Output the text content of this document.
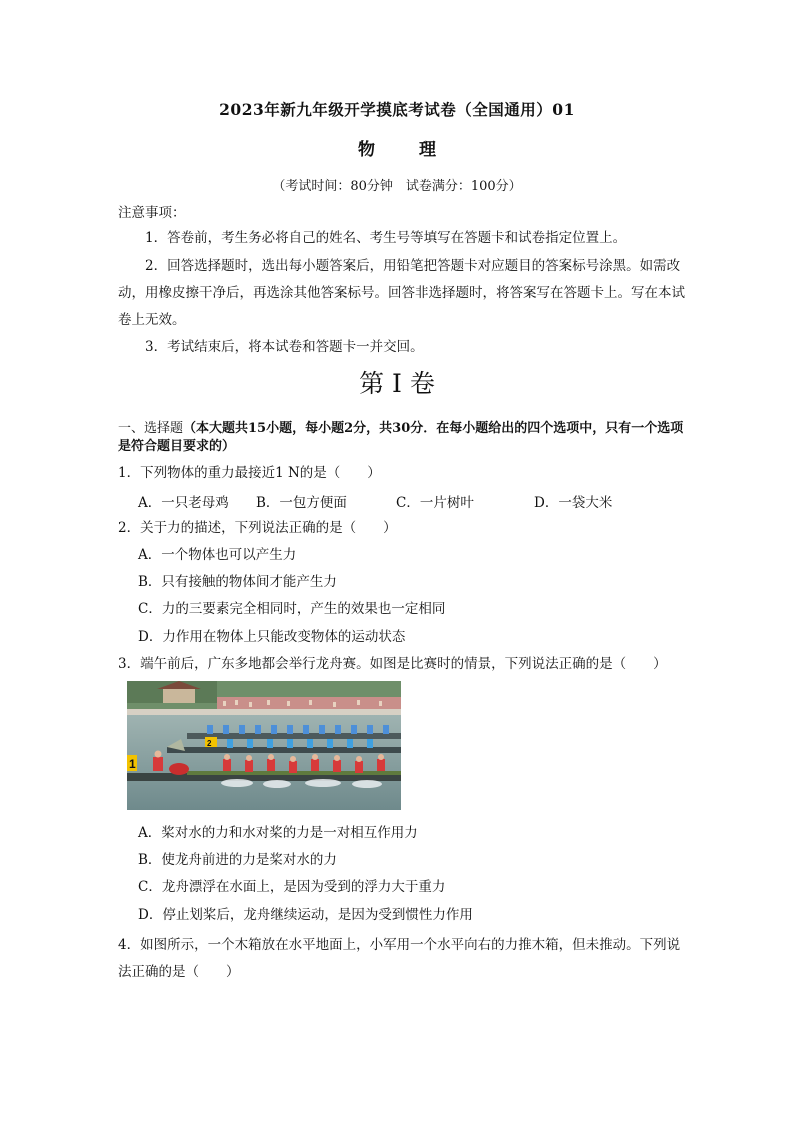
2023年新九年级开学摸底考试卷（全国通用）01
物理
（考试时间：80分钟　试卷满分：100分）
注意事项：

1．答卷前，考生务必将自己的姓名、考生号等填写在答题卡和试卷指定位置上。

2．回答选择题时，选出每小题答案后，用铅笔把答题卡对应题目的答案标号涂黑。如需改动，用橡皮擦干净后，再选涂其他答案标号。回答非选择题时，将答案写在答题卡上。写在本试卷上无效。

3．考试结束后，将本试卷和答题卡一并交回。

第 I 卷
一、选择题（本大题共15小题，每小题2分，共30分．在每小题给出的四个选项中，只有一个选项是符合题目要求的）
1．下列物体的重力最接近1 N的是（　　）
A．一只老母鸡 B．一包方便面	C．一片树叶	D．一袋大米
2．关于力的描述，下列说法正确的是（　　）
A．一个物体也可以产生力
B．只有接触的物体间才能产生力
C．力的三要素完全相同时，产生的效果也一定相同
D．力作用在物体上只能改变物体的运动状态
3．端午前后，广东多地都会举行龙舟赛。如图是比赛时的情景，下列说法正确的是（　　）
1
2
A．桨对水的力和水对桨的力是一对相互作用力
B．使龙舟前进的力是桨对水的力
C．龙舟漂浮在水面上，是因为受到的浮力大于重力
D．停止划桨后，龙舟继续运动，是因为受到惯性力作用

4．如图所示，一个木箱放在水平地面上，小军用一个水平向右的力推木箱，但未推动。下列说法正确的是（　　）
